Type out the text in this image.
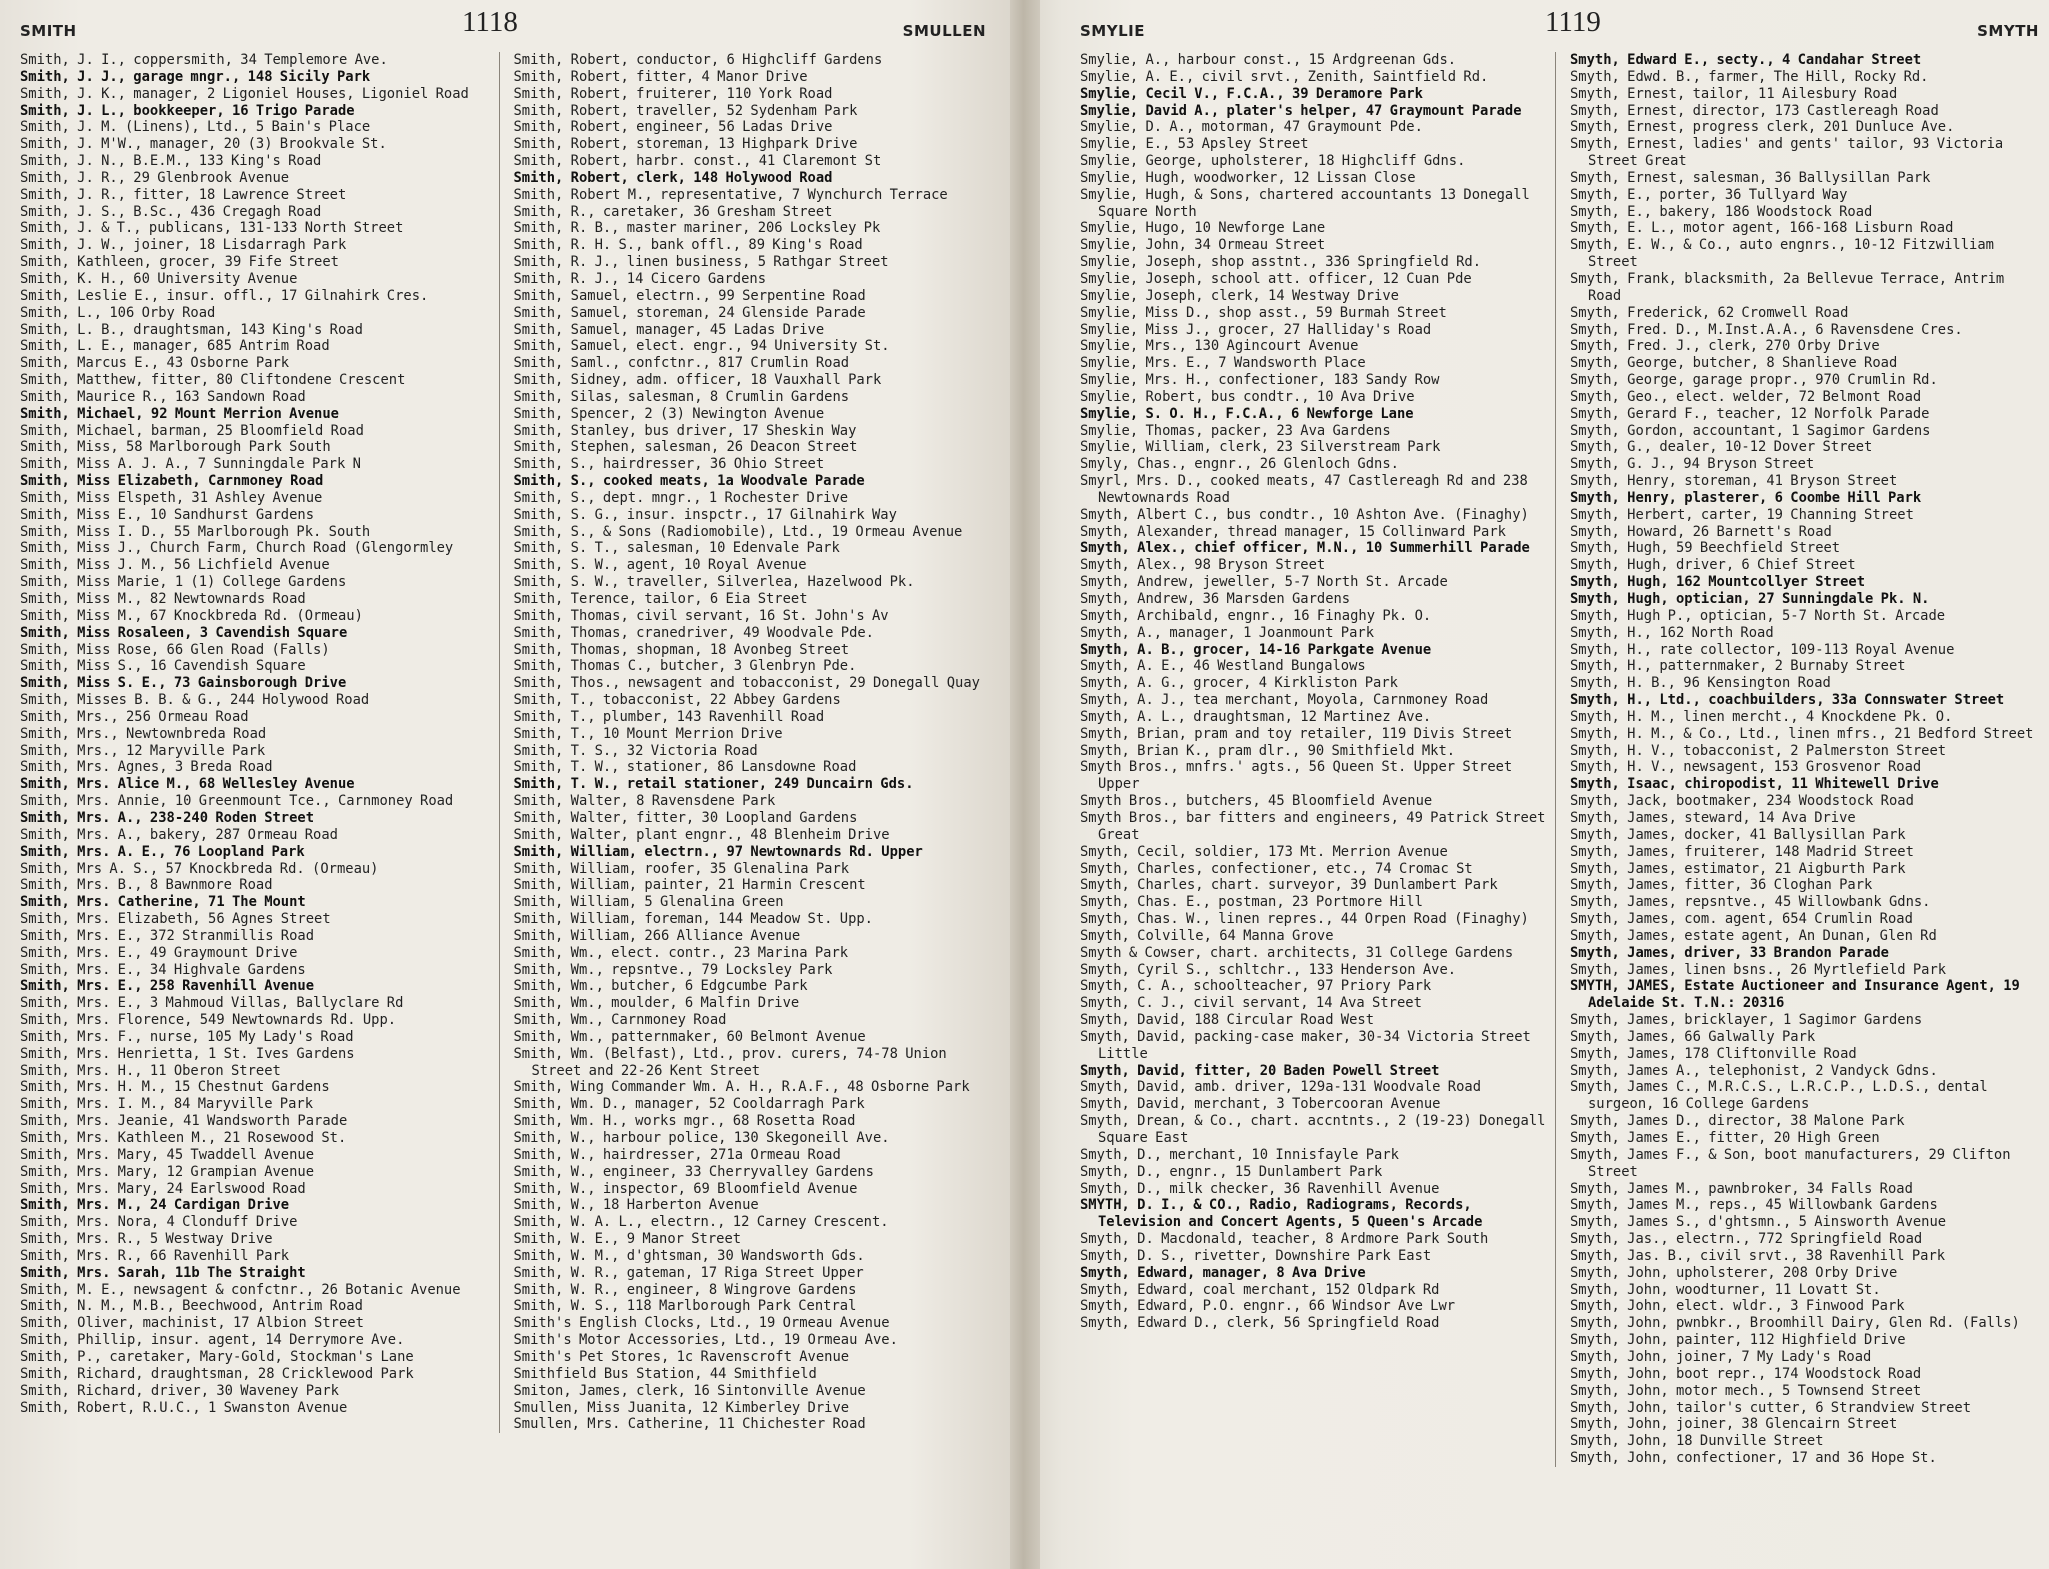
SMITH	1118	SMULLEN
Smith, J. I., coppersmith, 34 Templemore Ave.
Smith, J. J., garage mngr., 148 Sicily Park
Smith, J. K., manager, 2 Ligoniel Houses, Ligoniel Road
Smith, J. L., bookkeeper, 16 Trigo Parade
Smith, J. M. (Linens), Ltd., 5 Bain's Place
Smith, J. M'W., manager, 20 (3) Brookvale St.
Smith, J. N., B.E.M., 133 King's Road
Smith, J. R., 29 Glenbrook Avenue
Smith, J. R., fitter, 18 Lawrence Street
Smith, J. S., B.Sc., 436 Cregagh Road
Smith, J. & T., publicans, 131-133 North Street
Smith, J. W., joiner, 18 Lisdarragh Park
Smith, Kathleen, grocer, 39 Fife Street
Smith, K. H., 60 University Avenue
Smith, Leslie E., insur. offl., 17 Gilnahirk Cres.
Smith, L., 106 Orby Road
Smith, L. B., draughtsman, 143 King's Road
Smith, L. E., manager, 685 Antrim Road
Smith, Marcus E., 43 Osborne Park
Smith, Matthew, fitter, 80 Cliftondene Crescent
Smith, Maurice R., 163 Sandown Road
Smith, Michael, 92 Mount Merrion Avenue
Smith, Michael, barman, 25 Bloomfield Road
Smith, Miss, 58 Marlborough Park South
Smith, Miss A. J. A., 7 Sunningdale Park N
Smith, Miss Elizabeth, Carnmoney Road
Smith, Miss Elspeth, 31 Ashley Avenue
Smith, Miss E., 10 Sandhurst Gardens
Smith, Miss I. D., 55 Marlborough Pk. South
Smith, Miss J., Church Farm, Church Road (Glengormley
Smith, Miss J. M., 56 Lichfield Avenue
Smith, Miss Marie, 1 (1) College Gardens
Smith, Miss M., 82 Newtownards Road
Smith, Miss M., 67 Knockbreda Rd. (Ormeau)
Smith, Miss Rosaleen, 3 Cavendish Square
Smith, Miss Rose, 66 Glen Road (Falls)
Smith, Miss S., 16 Cavendish Square
Smith, Miss S. E., 73 Gainsborough Drive
Smith, Misses B. B. & G., 244 Holywood Road
Smith, Mrs., 256 Ormeau Road
Smith, Mrs., Newtownbreda Road
Smith, Mrs., 12 Maryville Park
Smith, Mrs. Agnes, 3 Breda Road
Smith, Mrs. Alice M., 68 Wellesley Avenue
Smith, Mrs. Annie, 10 Greenmount Tce., Carnmoney Road
Smith, Mrs. A., 238-240 Roden Street
Smith, Mrs. A., bakery, 287 Ormeau Road
Smith, Mrs. A. E., 76 Loopland Park
Smith, Mrs A. S., 57 Knockbreda Rd. (Ormeau)
Smith, Mrs. B., 8 Bawnmore Road
Smith, Mrs. Catherine, 71 The Mount
Smith, Mrs. Elizabeth, 56 Agnes Street
Smith, Mrs. E., 372 Stranmillis Road
Smith, Mrs. E., 49 Graymount Drive
Smith, Mrs. E., 34 Highvale Gardens
Smith, Mrs. E., 258 Ravenhill Avenue
Smith, Mrs. E., 3 Mahmoud Villas, Ballyclare Rd
Smith, Mrs. Florence, 549 Newtownards Rd. Upp.
Smith, Mrs. F., nurse, 105 My Lady's Road
Smith, Mrs. Henrietta, 1 St. Ives Gardens
Smith, Mrs. H., 11 Oberon Street
Smith, Mrs. H. M., 15 Chestnut Gardens
Smith, Mrs. I. M., 84 Maryville Park
Smith, Mrs. Jeanie, 41 Wandsworth Parade
Smith, Mrs. Kathleen M., 21 Rosewood St.
Smith, Mrs. Mary, 45 Twaddell Avenue
Smith, Mrs. Mary, 12 Grampian Avenue
Smith, Mrs. Mary, 24 Earlswood Road
Smith, Mrs. M., 24 Cardigan Drive
Smith, Mrs. Nora, 4 Clonduff Drive
Smith, Mrs. R., 5 Westway Drive
Smith, Mrs. R., 66 Ravenhill Park
Smith, Mrs. Sarah, 11b The Straight
Smith, M. E., newsagent & confctnr., 26 Botanic Avenue
Smith, N. M., M.B., Beechwood, Antrim Road
Smith, Oliver, machinist, 17 Albion Street
Smith, Phillip, insur. agent, 14 Derrymore Ave.
Smith, P., caretaker, Mary-Gold, Stockman's Lane
Smith, Richard, draughtsman, 28 Cricklewood Park
Smith, Richard, driver, 30 Waveney Park
Smith, Robert, R.U.C., 1 Swanston Avenue
Smith, Robert, conductor, 6 Highcliff Gardens
Smith, Robert, fitter, 4 Manor Drive
Smith, Robert, fruiterer, 110 York Road
Smith, Robert, traveller, 52 Sydenham Park
Smith, Robert, engineer, 56 Ladas Drive
Smith, Robert, storeman, 13 Highpark Drive
Smith, Robert, harbr. const., 41 Claremont St
Smith, Robert, clerk, 148 Holywood Road
Smith, Robert M., representative, 7 Wynchurch Terrace
Smith, R., caretaker, 36 Gresham Street
Smith, R. B., master mariner, 206 Locksley Pk
Smith, R. H. S., bank offl., 89 King's Road
Smith, R. J., linen business, 5 Rathgar Street
Smith, R. J., 14 Cicero Gardens
Smith, Samuel, electrn., 99 Serpentine Road
Smith, Samuel, storeman, 24 Glenside Parade
Smith, Samuel, manager, 45 Ladas Drive
Smith, Samuel, elect. engr., 94 University St.
Smith, Saml., confctnr., 817 Crumlin Road
Smith, Sidney, adm. officer, 18 Vauxhall Park
Smith, Silas, salesman, 8 Crumlin Gardens
Smith, Spencer, 2 (3) Newington Avenue
Smith, Stanley, bus driver, 17 Sheskin Way
Smith, Stephen, salesman, 26 Deacon Street
Smith, S., hairdresser, 36 Ohio Street
Smith, S., cooked meats, 1a Woodvale Parade
Smith, S., dept. mngr., 1 Rochester Drive
Smith, S. G., insur. inspctr., 17 Gilnahirk Way
Smith, S., & Sons (Radiomobile), Ltd., 19 Ormeau Avenue
Smith, S. T., salesman, 10 Edenvale Park
Smith, S. W., agent, 10 Royal Avenue
Smith, S. W., traveller, Silverlea, Hazelwood Pk.
Smith, Terence, tailor, 6 Eia Street
Smith, Thomas, civil servant, 16 St. John's Av
Smith, Thomas, cranedriver, 49 Woodvale Pde.
Smith, Thomas, shopman, 18 Avonbeg Street
Smith, Thomas C., butcher, 3 Glenbryn Pde.
Smith, Thos., newsagent and tobacconist, 29 Donegall Quay
Smith, T., tobacconist, 22 Abbey Gardens
Smith, T., plumber, 143 Ravenhill Road
Smith, T., 10 Mount Merrion Drive
Smith, T. S., 32 Victoria Road
Smith, T. W., stationer, 86 Lansdowne Road
Smith, T. W., retail stationer, 249 Duncairn Gds.
Smith, Walter, 8 Ravensdene Park
Smith, Walter, fitter, 30 Loopland Gardens
Smith, Walter, plant engnr., 48 Blenheim Drive
Smith, William, electrn., 97 Newtownards Rd. Upper
Smith, William, roofer, 35 Glenalina Park
Smith, William, painter, 21 Harmin Crescent
Smith, William, 5 Glenalina Green
Smith, William, foreman, 144 Meadow St. Upp.
Smith, William, 266 Alliance Avenue
Smith, Wm., elect. contr., 23 Marina Park
Smith, Wm., repsntve., 79 Locksley Park
Smith, Wm., butcher, 6 Edgcumbe Park
Smith, Wm., moulder, 6 Malfin Drive
Smith, Wm., Carnmoney Road
Smith, Wm., patternmaker, 60 Belmont Avenue
Smith, Wm. (Belfast), Ltd., prov. curers, 74-78 Union Street and 22-26 Kent Street
Smith, Wing Commander Wm. A. H., R.A.F., 48 Osborne Park
Smith, Wm. D., manager, 52 Cooldarragh Park
Smith, Wm. H., works mgr., 68 Rosetta Road
Smith, W., harbour police, 130 Skegoneill Ave.
Smith, W., hairdresser, 271a Ormeau Road
Smith, W., engineer, 33 Cherryvalley Gardens
Smith, W., inspector, 69 Bloomfield Avenue
Smith, W., 18 Harberton Avenue
Smith, W. A. L., electrn., 12 Carney Crescent.
Smith, W. E., 9 Manor Street
Smith, W. M., d'ghtsman, 30 Wandsworth Gds.
Smith, W. R., gateman, 17 Riga Street Upper
Smith, W. R., engineer, 8 Wingrove Gardens
Smith, W. S., 118 Marlborough Park Central
Smith's English Clocks, Ltd., 19 Ormeau Avenue
Smith's Motor Accessories, Ltd., 19 Ormeau Ave.
Smith's Pet Stores, 1c Ravenscroft Avenue
Smithfield Bus Station, 44 Smithfield
Smiton, James, clerk, 16 Sintonville Avenue
Smullen, Miss Juanita, 12 Kimberley Drive
Smullen, Mrs. Catherine, 11 Chichester Road
SMYLIE	1119	SMYTH
Smylie, A., harbour const., 15 Ardgreenan Gds.
Smylie, A. E., civil srvt., Zenith, Saintfield Rd.
Smylie, Cecil V., F.C.A., 39 Deramore Park
Smylie, David A., plater's helper, 47 Graymount Parade
Smylie, D. A., motorman, 47 Graymount Pde.
Smylie, E., 53 Apsley Street
Smylie, George, upholsterer, 18 Highcliff Gdns.
Smylie, Hugh, woodworker, 12 Lissan Close
Smylie, Hugh, & Sons, chartered accountants 13 Donegall Square North
Smylie, Hugo, 10 Newforge Lane
Smylie, John, 34 Ormeau Street
Smylie, Joseph, shop asstnt., 336 Springfield Rd.
Smylie, Joseph, school att. officer, 12 Cuan Pde
Smylie, Joseph, clerk, 14 Westway Drive
Smylie, Miss D., shop asst., 59 Burmah Street
Smylie, Miss J., grocer, 27 Halliday's Road
Smylie, Mrs., 130 Agincourt Avenue
Smylie, Mrs. E., 7 Wandsworth Place
Smylie, Mrs. H., confectioner, 183 Sandy Row
Smylie, Robert, bus condtr., 10 Ava Drive
Smylie, S. O. H., F.C.A., 6 Newforge Lane
Smylie, Thomas, packer, 23 Ava Gardens
Smylie, William, clerk, 23 Silverstream Park
Smyly, Chas., engnr., 26 Glenloch Gdns.
Smyrl, Mrs. D., cooked meats, 47 Castlereagh Rd and 238 Newtownards Road
Smyth, Albert C., bus condtr., 10 Ashton Ave. (Finaghy)
Smyth, Alexander, thread manager, 15 Collinward Park
Smyth, Alex., chief officer, M.N., 10 Summerhill Parade
Smyth, Alex., 98 Bryson Street
Smyth, Andrew, jeweller, 5-7 North St. Arcade
Smyth, Andrew, 36 Marsden Gardens
Smyth, Archibald, engnr., 16 Finaghy Pk. O.
Smyth, A., manager, 1 Joanmount Park
Smyth, A. B., grocer, 14-16 Parkgate Avenue
Smyth, A. E., 46 Westland Bungalows
Smyth, A. G., grocer, 4 Kirkliston Park
Smyth, A. J., tea merchant, Moyola, Carnmoney Road
Smyth, A. L., draughtsman, 12 Martinez Ave.
Smyth, Brian, pram and toy retailer, 119 Divis Street
Smyth, Brian K., pram dlr., 90 Smithfield Mkt.
Smyth Bros., mnfrs.' agts., 56 Queen St. Upper Street Upper
Smyth Bros., butchers, 45 Bloomfield Avenue
Smyth Bros., bar fitters and engineers, 49 Patrick Street Great
Smyth, Cecil, soldier, 173 Mt. Merrion Avenue
Smyth, Charles, confectioner, etc., 74 Cromac St
Smyth, Charles, chart. surveyor, 39 Dunlambert Park
Smyth, Chas. E., postman, 23 Portmore Hill
Smyth, Chas. W., linen repres., 44 Orpen Road (Finaghy)
Smyth, Colville, 64 Manna Grove
Smyth & Cowser, chart. architects, 31 College Gardens
Smyth, Cyril S., schltchr., 133 Henderson Ave.
Smyth, C. A., schoolteacher, 97 Priory Park
Smyth, C. J., civil servant, 14 Ava Street
Smyth, David, 188 Circular Road West
Smyth, David, packing-case maker, 30-34 Victoria Street Little
Smyth, David, fitter, 20 Baden Powell Street
Smyth, David, amb. driver, 129a-131 Woodvale Road
Smyth, David, merchant, 3 Tobercooran Avenue
Smyth, Drean, & Co., chart. accntnts., 2 (19-23) Donegall Square East
Smyth, D., merchant, 10 Innisfayle Park
Smyth, D., engnr., 15 Dunlambert Park
Smyth, D., milk checker, 36 Ravenhill Avenue
SMYTH, D. I., & CO., Radio, Radiograms, Records, Television and Concert Agents, 5 Queen's Arcade
Smyth, D. Macdonald, teacher, 8 Ardmore Park South
Smyth, D. S., rivetter, Downshire Park East
Smyth, Edward, manager, 8 Ava Drive
Smyth, Edward, coal merchant, 152 Oldpark Rd
Smyth, Edward, P.O. engnr., 66 Windsor Ave Lwr
Smyth, Edward D., clerk, 56 Springfield Road
Smyth, Edward E., secty., 4 Candahar Street
Smyth, Edwd. B., farmer, The Hill, Rocky Rd.
Smyth, Ernest, tailor, 11 Ailesbury Road
Smyth, Ernest, director, 173 Castlereagh Road
Smyth, Ernest, progress clerk, 201 Dunluce Ave.
Smyth, Ernest, ladies' and gents' tailor, 93 Victoria Street Great
Smyth, Ernest, salesman, 36 Ballysillan Park
Smyth, E., porter, 36 Tullyard Way
Smyth, E., bakery, 186 Woodstock Road
Smyth, E. L., motor agent, 166-168 Lisburn Road
Smyth, E. W., & Co., auto engnrs., 10-12 Fitzwilliam Street
Smyth, Frank, blacksmith, 2a Bellevue Terrace, Antrim Road
Smyth, Frederick, 62 Cromwell Road
Smyth, Fred. D., M.Inst.A.A., 6 Ravensdene Cres.
Smyth, Fred. J., clerk, 270 Orby Drive
Smyth, George, butcher, 8 Shanlieve Road
Smyth, George, garage propr., 970 Crumlin Rd.
Smyth, Geo., elect. welder, 72 Belmont Road
Smyth, Gerard F., teacher, 12 Norfolk Parade
Smyth, Gordon, accountant, 1 Sagimor Gardens
Smyth, G., dealer, 10-12 Dover Street
Smyth, G. J., 94 Bryson Street
Smyth, Henry, storeman, 41 Bryson Street
Smyth, Henry, plasterer, 6 Coombe Hill Park
Smyth, Herbert, carter, 19 Channing Street
Smyth, Howard, 26 Barnett's Road
Smyth, Hugh, 59 Beechfield Street
Smyth, Hugh, driver, 6 Chief Street
Smyth, Hugh, 162 Mountcollyer Street
Smyth, Hugh, optician, 27 Sunningdale Pk. N.
Smyth, Hugh P., optician, 5-7 North St. Arcade
Smyth, H., 162 North Road
Smyth, H., rate collector, 109-113 Royal Avenue
Smyth, H., patternmaker, 2 Burnaby Street
Smyth, H. B., 96 Kensington Road
Smyth, H., Ltd., coachbuilders, 33a Connswater Street
Smyth, H. M., linen mercht., 4 Knockdene Pk. O.
Smyth, H. M., & Co., Ltd., linen mfrs., 21 Bedford Street
Smyth, H. V., tobacconist, 2 Palmerston Street
Smyth, H. V., newsagent, 153 Grosvenor Road
Smyth, Isaac, chiropodist, 11 Whitewell Drive
Smyth, Jack, bootmaker, 234 Woodstock Road
Smyth, James, steward, 14 Ava Drive
Smyth, James, docker, 41 Ballysillan Park
Smyth, James, fruiterer, 148 Madrid Street
Smyth, James, estimator, 21 Aigburth Park
Smyth, James, fitter, 36 Cloghan Park
Smyth, James, repsntve., 45 Willowbank Gdns.
Smyth, James, com. agent, 654 Crumlin Road
Smyth, James, estate agent, An Dunan, Glen Rd
Smyth, James, driver, 33 Brandon Parade
Smyth, James, linen bsns., 26 Myrtlefield Park
SMYTH, JAMES, Estate Auctioneer and Insurance Agent, 19 Adelaide St. T.N.: 20316
Smyth, James, bricklayer, 1 Sagimor Gardens
Smyth, James, 66 Galwally Park
Smyth, James, 178 Cliftonville Road
Smyth, James A., telephonist, 2 Vandyck Gdns.
Smyth, James C., M.R.C.S., L.R.C.P., L.D.S., dental surgeon, 16 College Gardens
Smyth, James D., director, 38 Malone Park
Smyth, James E., fitter, 20 High Green
Smyth, James F., & Son, boot manufacturers, 29 Clifton Street
Smyth, James M., pawnbroker, 34 Falls Road
Smyth, James M., reps., 45 Willowbank Gardens
Smyth, James S., d'ghtsmn., 5 Ainsworth Avenue
Smyth, Jas., electrn., 772 Springfield Road
Smyth, Jas. B., civil srvt., 38 Ravenhill Park
Smyth, John, upholsterer, 208 Orby Drive
Smyth, John, woodturner, 11 Lovatt St.
Smyth, John, elect. wldr., 3 Finwood Park
Smyth, John, pwnbkr., Broomhill Dairy, Glen Rd. (Falls)
Smyth, John, painter, 112 Highfield Drive
Smyth, John, joiner, 7 My Lady's Road
Smyth, John, boot repr., 174 Woodstock Road
Smyth, John, motor mech., 5 Townsend Street
Smyth, John, tailor's cutter, 6 Strandview Street
Smyth, John, joiner, 38 Glencairn Street
Smyth, John, 18 Dunville Street
Smyth, John, confectioner, 17 and 36 Hope St.
